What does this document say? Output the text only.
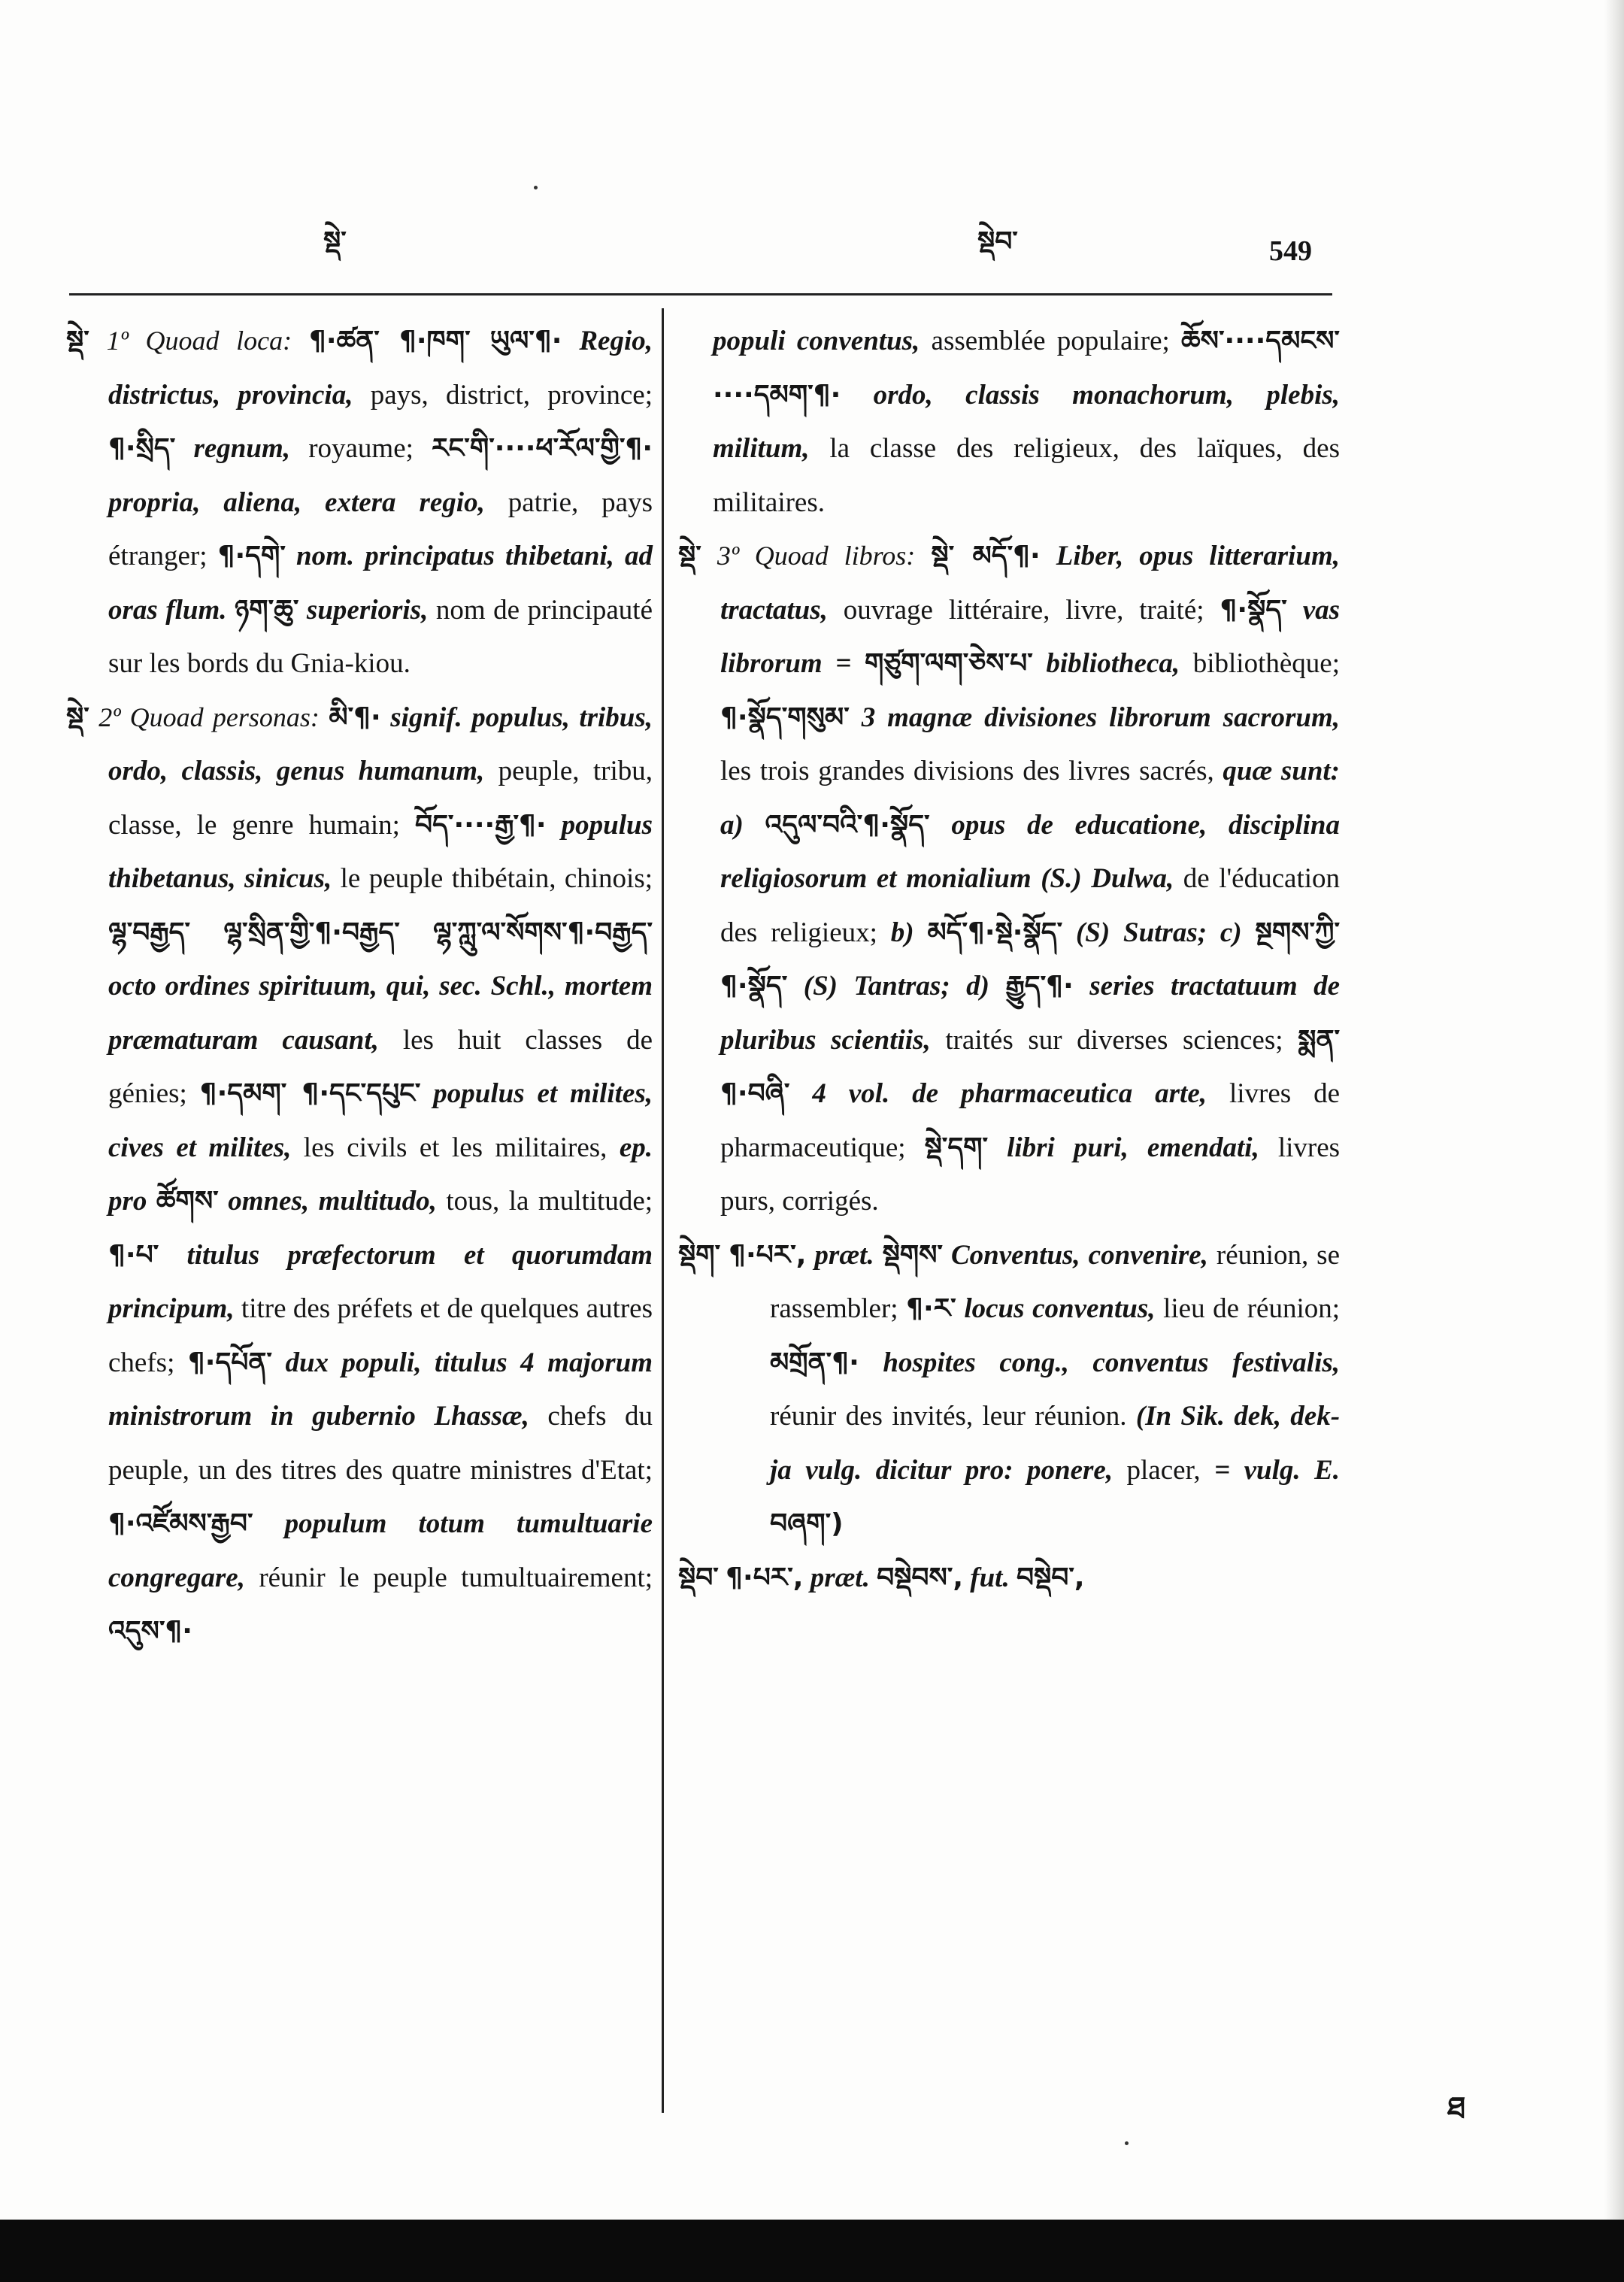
སྡེ་	སྡེབ་	549

སྡེ་ 1º Quoad loca: ¶·ཚན་ ¶·ཁག་ ཡུལ་¶· Regio, districtus, provincia, pays, district, province; ¶·སྲིད་ regnum, royaume; རང་གི་····ཕ་རོལ་གྱི་¶· propria, aliena, extera regio, patrie, pays étranger; ¶·དགེ་ nom. principatus thibetani, ad oras flum. ཉག་ཆུ་ superioris, nom de principauté sur les bords du Gnia-kiou.

སྡེ་ 2º Quoad personas: མི་¶· signif. populus, tribus, ordo, classis, genus humanum, peuple, tribu, classe, le genre humain; བོད་····རྒྱ་¶· populus thibetanus, sinicus, le peuple thibétain, chinois; ལྷ་བརྒྱད་ ལྷ་སྲིན་གྱི་¶·བརྒྱད་ ལྷ་ཀླུ་ལ་སོགས་¶·བརྒྱད་ octo ordines spirituum, qui, sec. Schl., mortem præmaturam causant, les huit classes de génies; ¶·དམག་ ¶·དང་དཔུང་ populus et milites, cives et milites, les civils et les militaires, ep. pro ཚོགས་ omnes, multitudo, tous, la multitude; ¶·པ་ titulus præfectorum et quorumdam principum, titre des préfets et de quelques autres chefs; ¶·དཔོན་ dux populi, titulus 4 majorum ministrorum in gubernio Lhassæ, chefs du peuple, un des titres des quatre ministres d'Etat; ¶·འཛོམས་རྒྱབ་ populum totum tumultuarie congregare, réunir le peuple tumultuairement; འདུས་¶·

populi conventus, assemblée populaire; ཆོས་····དམངས་····དམག་¶· ordo, classis monachorum, plebis, militum, la classe des religieux, des laïques, des militaires.

སྡེ་ 3º Quoad libros: སྡེ་ མདོ་¶· Liber, opus litterarium, tractatus, ouvrage littéraire, livre, traité; ¶·སྣོད་ vas librorum = གཙུག་ལག་ཅེས་པ་ bibliotheca, bibliothèque; ¶·སྣོད་གསུམ་ 3 magnæ divisiones librorum sacrorum, les trois grandes divisions des livres sacrés, quæ sunt: a) འདུལ་བའི་¶·སྣོད་ opus de educatione, disciplina religiosorum et monialium (S.) Dulwa, de l'éducation des religieux; b) མདོ་¶·སྡེ·སྣོད་ (S) Sutras; c) སྔགས་ཀྱི་¶·སྣོད་ (S) Tantras; d) རྒྱུད་¶· series tractatuum de pluribus scientiis, traités sur diverses sciences; སྨན་¶·བཞི་ 4 vol. de pharmaceutica arte, livres de pharmaceutique; སྡེ་དག་ libri puri, emendati, livres purs, corrigés.

སྡེག་ ¶·པར་, præt. སྡེགས་ Conventus, convenire, réunion, se rassembler; ¶·ར་ locus conventus, lieu de réunion; མགྲོན་¶· hospites cong., conventus festivalis, réunir des invités, leur réunion. (In Sik. dek, dek-ja vulg. dicitur pro: ponere, placer, = vulg. E. བཞག་)

སྡེབ་ ¶·པར་, præt. བསྡེབས་, fut. བསྡེབ་,

ཐ
